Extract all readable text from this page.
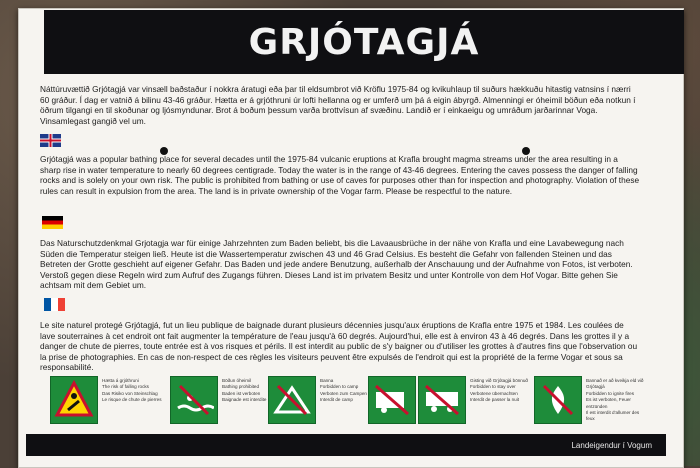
GRJÓTAGJÁ
Náttúruvættið Grjótagjá var vinsæll baðstaður í nokkra áratugi eða þar til eldsumbrot við Kröflu 1975-84 og kvikuhlaup til suðurs hækkuðu hitastig vatnsins í nærri 60 gráður. Í dag er vatnið á bilinu 43-46 gráður. Hætta er á grjóthruni úr lofti hellanna og er umferð um þá á eigin ábyrgð. Almenningi er óheimil böðun eða notkun í öðrum tilgangi en til skoðunar og ljósmyndunar. Brot á boðum þessum varða brottvísun af svæðinu. Landið er í einkaeigu og umráðum jarðarinnar Voga. Vinsamlegast gangið vel um.
Grjótagjá was a popular bathing place for several decades until the 1975-84 vulcanic eruptions at Krafla brought magma streams under the area resulting in a sharp rise in water temperature to nearly 60 degrees centigrade. Today the water is in the range of 43-46 degrees. Entering the caves possess the danger of falling rocks and is solely on your own risk. The public is prohibited from bathing or use of caves for purposes other than for inspection and photography. Violation of these rules can result in expulsion from the area. The land is in private ownership of the Vogar farm. Please be respectful to the nature.
Das Naturschutzdenkmal Grjotagja war für einige Jahrzehnten zum Baden beliebt, bis die Lavaausbrüche in der nähe von Krafla und eine Lavabewegung nach Süden die Temperatur steigen ließ. Heute ist die Wassertemperatur zwischen 43 und 46 Grad Celsius. Es besteht die Gefahr von fallenden Steinen und das Betreten der Grotte geschieht auf eigener Gefahr. Das Baden und jede andere Benutzung, außerhalb der Anschauung und der Aufnahme von Fotos, ist verboten. Verstoß gegen diese Regeln wird zum Aufruf des Zugangs führen. Dieses Land ist im privatem Besitz und unter Kontrolle von dem Hof Vogar. Bitte gehen Sie achtsam mit dem Gebiet um.
Le site naturel protegé Grjótagjá, fut un lieu publique de baignade durant plusieurs décennies jusqu'aux éruptions de Krafla entre 1975 et 1984. Les coulées de lave souterraines à cet endroit ont fait augmenter la température de l'eau jusqu'à 60 degrés. Aujourd'hui, elle est à environ 43 à 46 degrés. Dans les grottes il y a danger de chute de pierres, toute entrée est à vos risques et périls. Il est interdit au public de s'y baigner ou d'utiliser les grottes à d'autres fins que l'observation ou la prise de photographies. En cas de non-respect de ces règles les visiteurs peuvent être expulsés de l'endroit qui est la propriété de la ferme Vogar et sous sa responsabilité.
Hætta á grjóthruni
The risk of falling rocks
Das Risiko von Steinschlag
Le risque de chute de pierres
Böðun óheimil
Bathing prohibited
Baden ist verboten
Baignade est interdite
Banna
Forbidden to camp
Verboten zum Campen
Interdit de camp
Gisting við Grjótagjá bönnuð
Forbidden to stay over
Verbotene übernachten
Interdit de passer la nuit
Bannað er að kveikja eld við Grjótagjá
Forbidden to ignite fires
Es ist verboten, Feuer entzünden
Il est interdit d'allumer des feux
Landeigendur í Vogum
